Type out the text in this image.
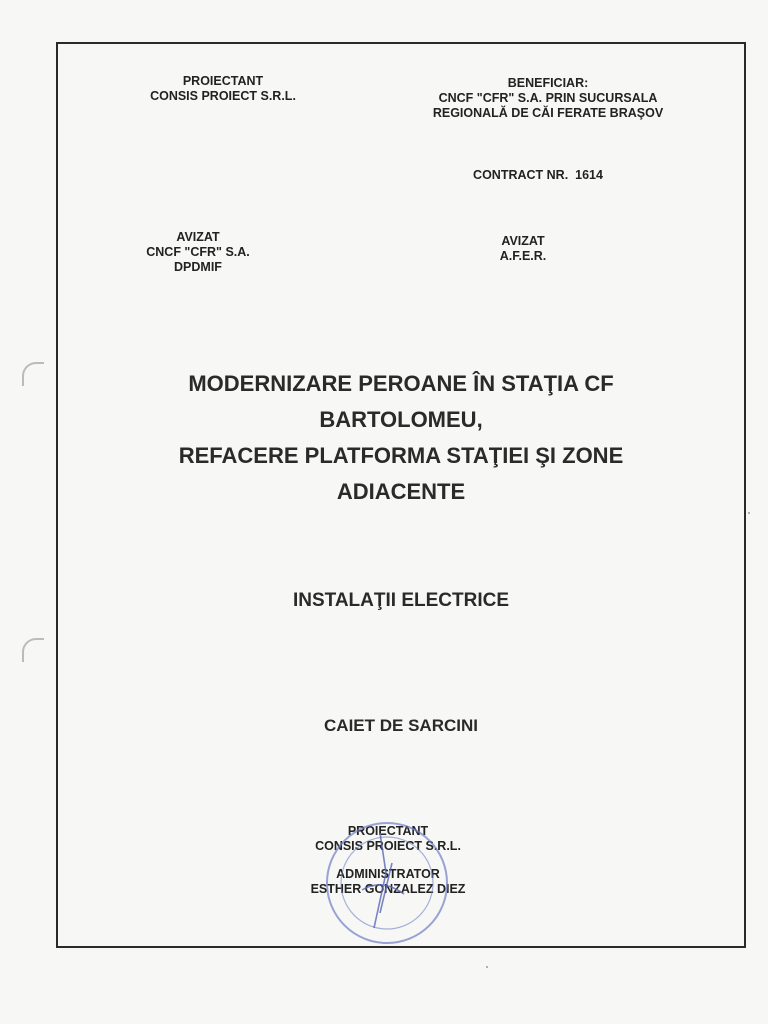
PROIECTANT
CONSIS PROIECT S.R.L.
BENEFICIAR:
CNCF "CFR" S.A. PRIN SUCURSALA
REGIONALĂ DE CĂI FERATE BRAŞOV
CONTRACT NR.  1614
AVIZAT
CNCF "CFR" S.A.
DPDMIF
AVIZAT
A.F.E.R.
MODERNIZARE PEROANE ÎN STAŢIA CF
BARTOLOMEU,
REFACERE PLATFORMA STAŢIEI ŞI ZONE
ADIACENTE
INSTALAŢII ELECTRICE
CAIET DE SARCINI
PROIECTANT
CONSIS PROIECT S.R.L.
ADMINISTRATOR
ESTHER GONZALEZ DIEZ
